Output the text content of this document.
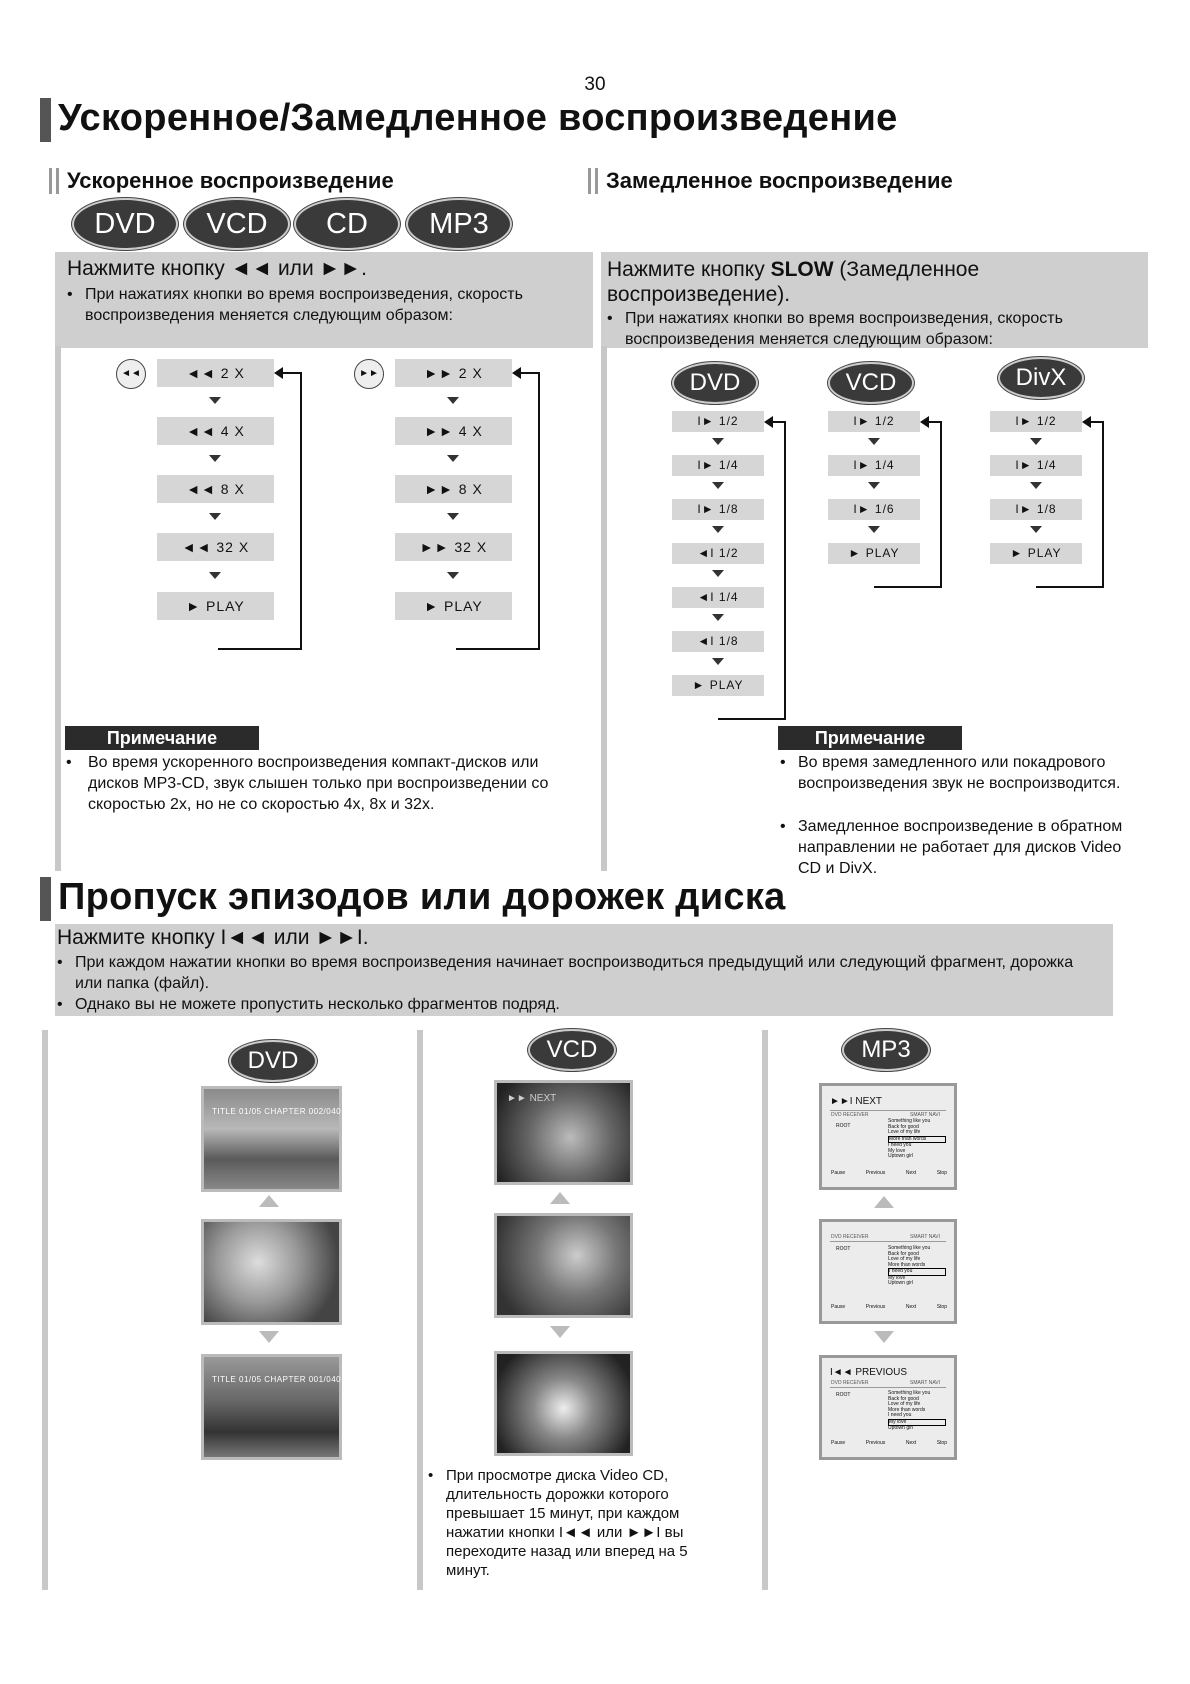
30
Ускоренное/Замедленное воспроизведение
Ускоренное воспроизведение	Замедленное воспроизведение
DVD	VCD	CD	MP3
Нажмите кнопку ◄◄ или ►►.
• При нажатиях кнопки во время воспроизведения, скорость воспроизведения меняется следующим образом:
Нажмите кнопку SLOW (Замедленное воспроизведение).
• При нажатиях кнопки во время воспроизведения, скорость воспроизведения меняется следующим образом:
◄◄	◄◄ 2 X
◄◄ 4 X
◄◄ 8 X
◄◄ 32 X
► PLAY
►►	►► 2 X
►► 4 X
►► 8 X
►► 32 X
► PLAY
DVD	VCD	DivX
I► 1/2
I► 1/4
I► 1/8
◄I 1/2
◄I 1/4
◄I 1/8
► PLAY
I► 1/2
I► 1/4
I► 1/6
► PLAY
I► 1/2
I► 1/4
I► 1/8
► PLAY
Примечание
• Во время ускоренного воспроизведения компакт-дисков или дисков MP3-CD, звук слышен только при воспроизведении со скоростью 2x, но не со скоростью 4x, 8x и 32x.
Примечание
• Во время замедленного или покадрового воспроизведения звук не воспроизводится.
• Замедленное воспроизведение в обратном направлении не работает для дисков Video CD и DivX.
Пропуск эпизодов или дорожек диска
Нажмите кнопку I◄◄ или ►►I.
• При каждом нажатии кнопки во время воспроизведения начинает воспроизводиться предыдущий или следующий фрагмент, дорожка или папка (файл).
• Однако вы не можете пропустить несколько фрагментов подряд.
DVD
TITLE 01/05 CHAPTER 002/040
TITLE 01/05 CHAPTER 001/040
VCD
►► NEXT
• При просмотре диска Video CD, длительность дорожки которого превышает 15 минут, при каждом нажатии кнопки I◄◄ или ►►I вы переходите назад или вперед на 5 минут.
MP3
►►I NEXT
DVD RECEIVER	SMART NAVI
ROOT
Something like you
Back for good
Love of my life
More than words
I need you
My love
Uptown girl
Pause	Previous	Next	Stop
DVD RECEIVER	SMART NAVI
ROOT	Something like you
Back for good
Love of my life
More than words
I need you
My love
Uptown girl
Pause	Previous	Next	Stop
I◄◄ PREVIOUS
DVD RECEIVER	SMART NAVI
ROOT	Something like you
Back for good
Love of my life
More than words
I need you
My love
Uptown girl
Pause	Previous	Next	Stop
